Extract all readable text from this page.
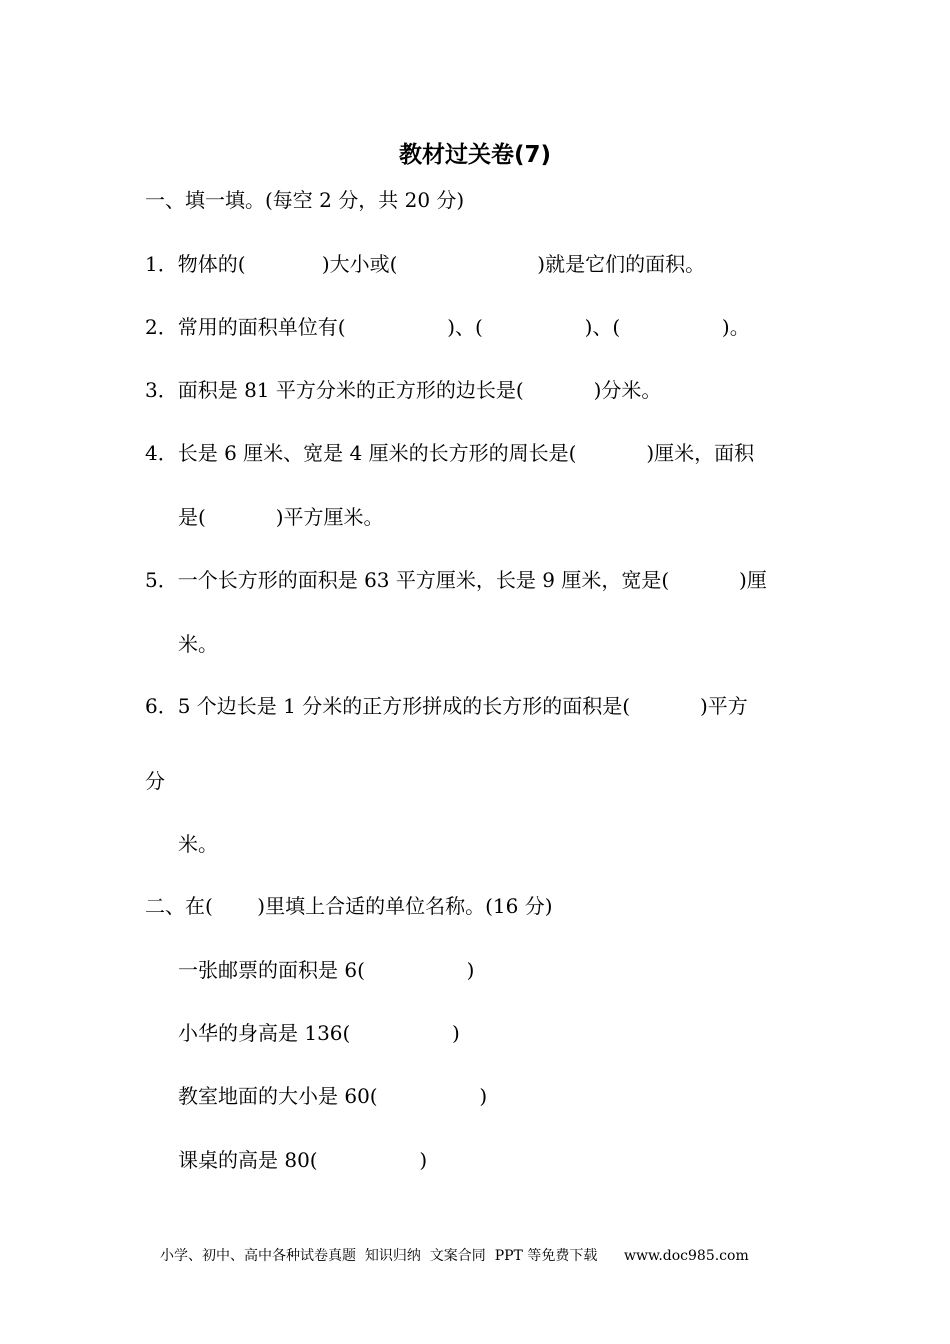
教材过关卷(7)
一、填一填。(每空 2 分，共 20 分)
1．物体的(            )大小或(                      )就是它们的面积。
2．常用的面积单位有(                )、(                )、(                )。
3．面积是 81 平方分米的正方形的边长是(           )分米。
4．长是 6 厘米、宽是 4 厘米的长方形的周长是(           )厘米，面积
是(           )平方厘米。
5．一个长方形的面积是 63 平方厘米，长是 9 厘米，宽是(           )厘
米。
6．5 个边长是 1 分米的正方形拼成的长方形的面积是(           )平方
分
米。
二、在(       )里填上合适的单位名称。(16 分)
一张邮票的面积是 6(                )
小华的身高是 136(                )
教室地面的大小是 60(                )
课桌的高是 80(                )
小学、初中、高中各种试卷真题  知识归纳  文案合同  PPT 等免费下载      www.doc985.com
